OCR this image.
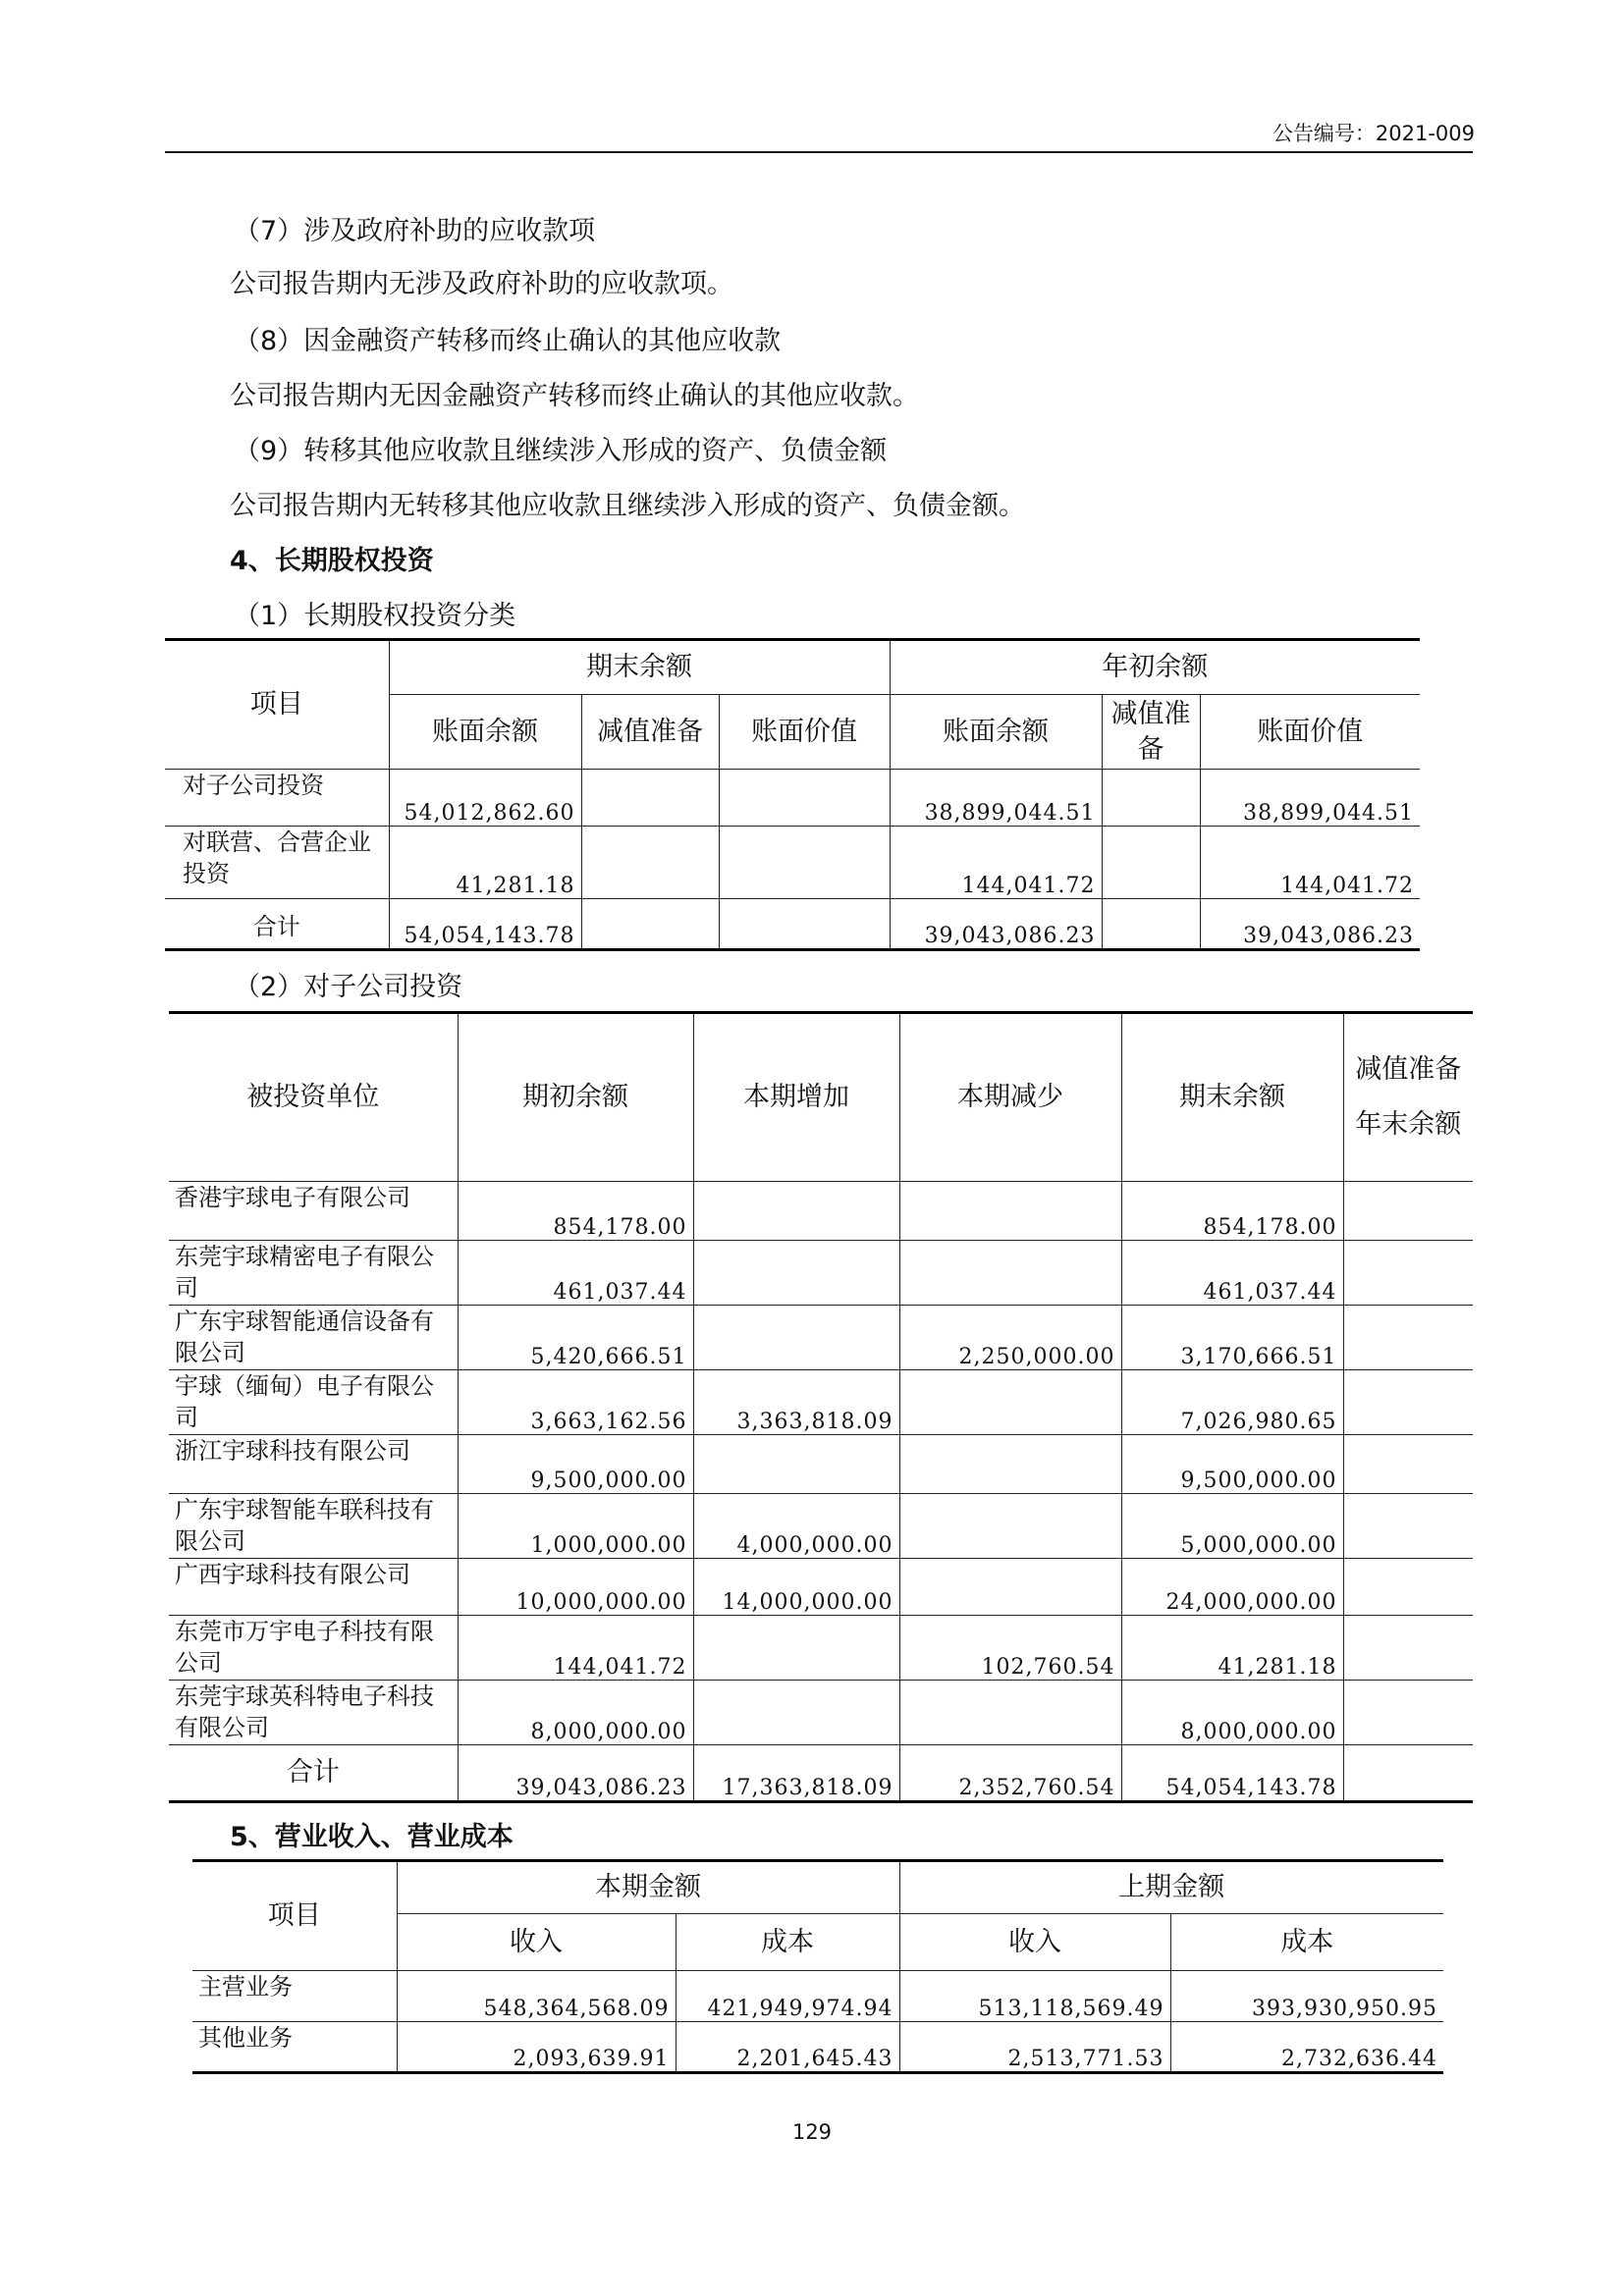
公告编号：2021-009
（7）涉及政府补助的应收款项
公司报告期内无涉及政府补助的应收款项。
（8）因金融资产转移而终止确认的其他应收款
公司报告期内无因金融资产转移而终止确认的其他应收款。
（9）转移其他应收款且继续涉入形成的资产、负债金额
公司报告期内无转移其他应收款且继续涉入形成的资产、负债金额。
4、长期股权投资
（1）长期股权投资分类
项目	期末余额			年初余额		
	账面余额	减值准备	账面价值	账面余额	减值准备	账面价值
对子公司投资	54,012,862.60			38,899,044.51		38,899,044.51
对联营、合营企业投资	41,281.18			144,041.72		144,041.72
合计	54,054,143.78			39,043,086.23		39,043,086.23
（2）对子公司投资
被投资单位	期初余额	本期增加	本期减少	期末余额	减值准备年末余额
香港宇球电子有限公司	854,178.00			854,178.00	
东莞宇球精密电子有限公司	461,037.44			461,037.44	
广东宇球智能通信设备有限公司	5,420,666.51		2,250,000.00	3,170,666.51	
宇球（缅甸）电子有限公司	3,663,162.56	3,363,818.09		7,026,980.65	
浙江宇球科技有限公司	9,500,000.00			9,500,000.00	
广东宇球智能车联科技有限公司	1,000,000.00	4,000,000.00		5,000,000.00	
广西宇球科技有限公司	10,000,000.00	14,000,000.00		24,000,000.00	
东莞市万宇电子科技有限公司	144,041.72		102,760.54	41,281.18	
东莞宇球英科特电子科技有限公司	8,000,000.00			8,000,000.00	
合计	39,043,086.23	17,363,818.09	2,352,760.54	54,054,143.78	
5、营业收入、营业成本
项目	本期金额		上期金额	
	收入	成本	收入	成本
主营业务	548,364,568.09	421,949,974.94	513,118,569.49	393,930,950.95
其他业务	2,093,639.91	2,201,645.43	2,513,771.53	2,732,636.44
129
